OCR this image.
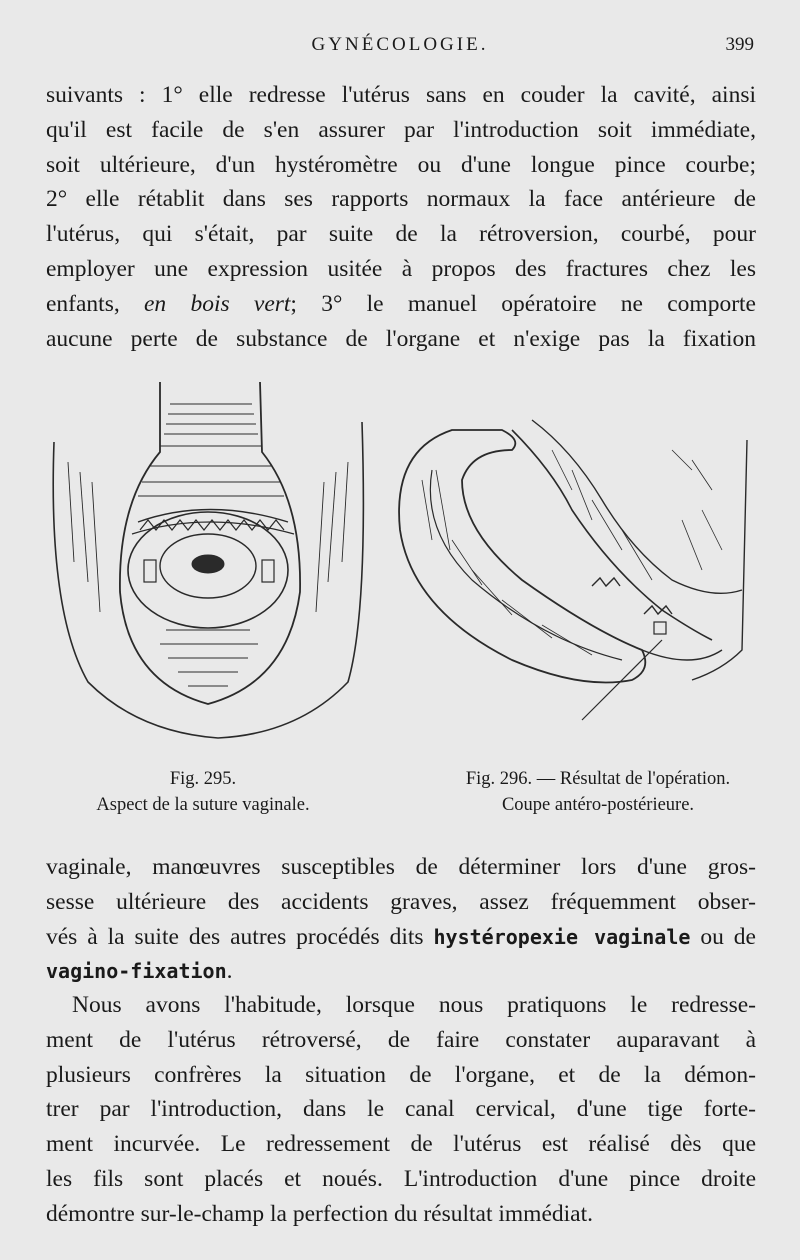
GYNÉCOLOGIE.	399
suivants : 1° elle redresse l'utérus sans en couder la cavité, ainsi
qu'il est facile de s'en assurer par l'introduction soit immédiate,
soit ultérieure, d'un hystéromètre ou d'une longue pince courbe;
2° elle rétablit dans ses rapports normaux la face antérieure de
l'utérus, qui s'était, par suite de la rétroversion, courbé, pour
employer une expression usitée à propos des fractures chez les
enfants, en bois vert; 3° le manuel opératoire ne comporte
aucune perte de substance de l'organe et n'exige pas la fixation
Fig. 295.
Aspect de la suture vaginale.
Fig. 296. — Résultat de l'opération.
Coupe antéro-postérieure.
vaginale, manœuvres susceptibles de déterminer lors d'une gros-
sesse ultérieure des accidents graves, assez fréquemment obser-
vés à la suite des autres procédés dits hystéropexie vaginale ou de
vagino-fixation.
Nous avons l'habitude, lorsque nous pratiquons le redresse-
ment de l'utérus rétroversé, de faire constater auparavant à
plusieurs confrères la situation de l'organe, et de la démon-
trer par l'introduction, dans le canal cervical, d'une tige forte-
ment incurvée. Le redressement de l'utérus est réalisé dès que
les fils sont placés et noués. L'introduction d'une pince droite
démontre sur-le-champ la perfection du résultat immédiat.
